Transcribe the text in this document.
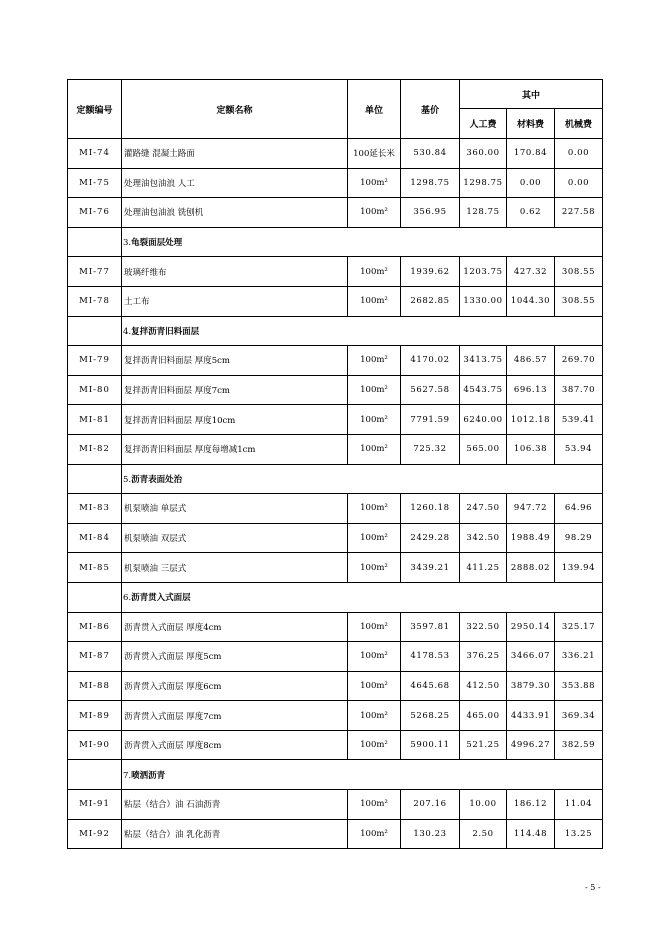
定额编号	定额名称	单位	基价	其中		
				人工费	材料费	机械费
MI-74	灌路缝 混凝土路面	100延长米	530.84	360.00	170.84	0.00
MI-75	处理油包油浪 人工	100m²	1298.75	1298.75	0.00	0.00
MI-76	处理油包油浪 铣刨机	100m²	356.95	128.75	0.62	227.58
	3.龟裂面层处理					
MI-77	玻璃纤维布	100m²	1939.62	1203.75	427.32	308.55
MI-78	土工布	100m²	2682.85	1330.00	1044.30	308.55
	4.复拌沥青旧料面层					
MI-79	复拌沥青旧料面层 厚度5cm	100m²	4170.02	3413.75	486.57	269.70
MI-80	复拌沥青旧料面层 厚度7cm	100m²	5627.58	4543.75	696.13	387.70
MI-81	复拌沥青旧料面层 厚度10cm	100m²	7791.59	6240.00	1012.18	539.41
MI-82	复拌沥青旧料面层 厚度每增减1cm	100m²	725.32	565.00	106.38	53.94
	5.沥青表面处治					
MI-83	机泵喷油 单层式	100m²	1260.18	247.50	947.72	64.96
MI-84	机泵喷油 双层式	100m²	2429.28	342.50	1988.49	98.29
MI-85	机泵喷油 三层式	100m²	3439.21	411.25	2888.02	139.94
	6.沥青贯入式面层					
MI-86	沥青贯入式面层 厚度4cm	100m²	3597.81	322.50	2950.14	325.17
MI-87	沥青贯入式面层 厚度5cm	100m²	4178.53	376.25	3466.07	336.21
MI-88	沥青贯入式面层 厚度6cm	100m²	4645.68	412.50	3879.30	353.88
MI-89	沥青贯入式面层 厚度7cm	100m²	5268.25	465.00	4433.91	369.34
MI-90	沥青贯入式面层 厚度8cm	100m²	5900.11	521.25	4996.27	382.59
	7.喷洒沥青					
MI-91	粘层（结合）油 石油沥青	100m²	207.16	10.00	186.12	11.04
MI-92	粘层（结合）油 乳化沥青	100m²	130.23	2.50	114.48	13.25
- 5 -
